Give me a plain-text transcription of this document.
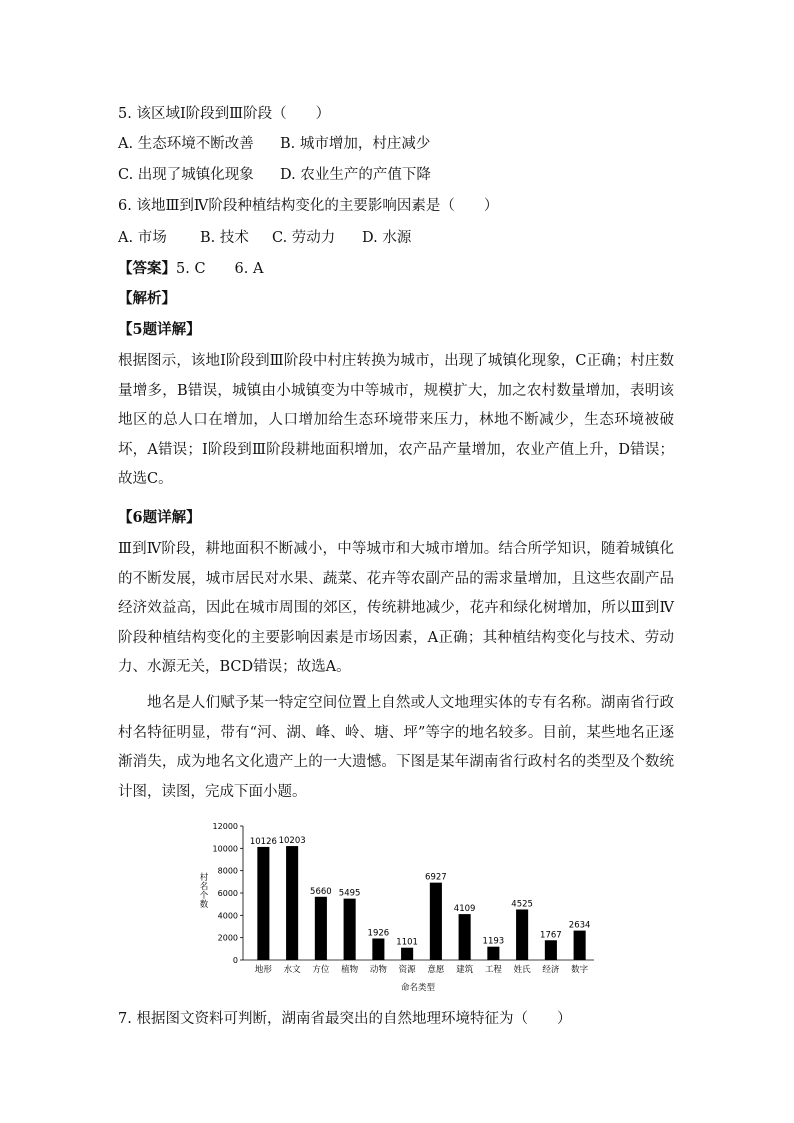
5. 该区域Ⅰ阶段到Ⅲ阶段（　　）
A. 生态环境不断改善 B. 城市增加，村庄减少
C. 出现了城镇化现象 D. 农业生产的产值下降
6. 该地Ⅲ到Ⅳ阶段种植结构变化的主要影响因素是（　　）
A. 市场 B. 技术 C. 劳动力 D. 水源
【答案】5. C　　6. A
【解析】
【5题详解】
根据图示，该地Ⅰ阶段到Ⅲ阶段中村庄转换为城市，出现了城镇化现象，C正确；村庄数量增多，B错误，城镇由小城镇变为中等城市，规模扩大，加之农村数量增加，表明该地区的总人口在增加，人口增加给生态环境带来压力，林地不断减少，生态环境被破坏，A错误；Ⅰ阶段到Ⅲ阶段耕地面积增加，农产品产量增加，农业产值上升，D错误；故选C。
【6题详解】
Ⅲ到Ⅳ阶段，耕地面积不断减小，中等城市和大城市增加。结合所学知识，随着城镇化的不断发展，城市居民对水果、蔬菜、花卉等农副产品的需求量增加，且这些农副产品经济效益高，因此在城市周围的郊区，传统耕地减少，花卉和绿化树增加，所以Ⅲ到Ⅳ阶段种植结构变化的主要影响因素是市场因素，A正确；其种植结构变化与技术、劳动力、水源无关，BCD错误；故选A。
地名是人们赋予某一特定空间位置上自然或人文地理实体的专有名称。湖南省行政村名特征明显，带有“河、湖、峰、岭、塘、坪”等字的地名较多。目前，某些地名正逐渐消失，成为地名文化遗产上的一大遗憾。下图是某年湖南省行政村名的类型及个数统计图，读图，完成下面小题。
0
2000
4000
6000
8000
10000
12000
10126
地形
10203
水文
5660
方位
5495
植物
1926
动物
1101
资源
6927
意愿
4109
建筑
1193
工程
4525
姓氏
1767
经济
2634
数字
村名个数
命名类型
7. 根据图文资料可判断，湖南省最突出的自然地理环境特征为（　　）
